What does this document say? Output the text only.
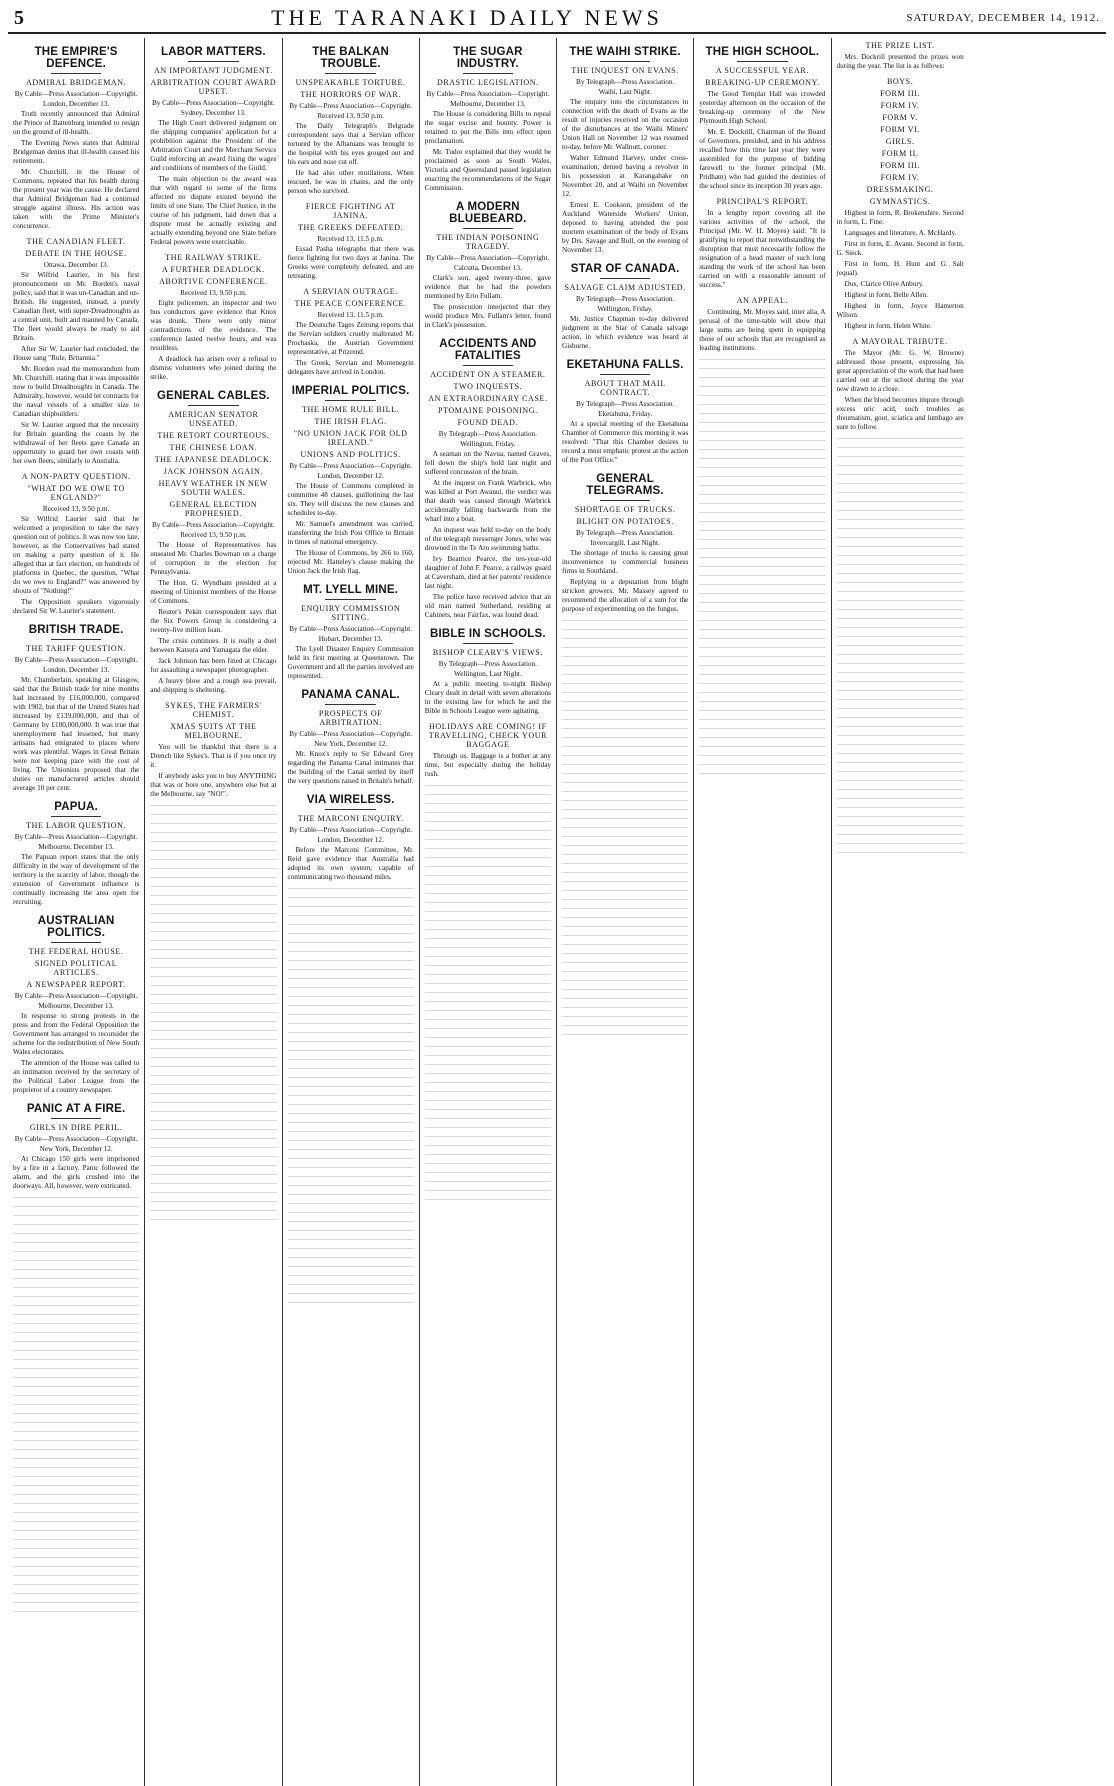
5	THE TARANAKI DAILY NEWS	SATURDAY, DECEMBER 14, 1912.
THE EMPIRE'S DEFENCE.
ADMIRAL BRIDGEMAN.
By Cable—Press Association—Copyright.
London, December 13.

Truth recently announced that Admiral the Prince of Battenburg intended to resign on the ground of ill-health.

The Evening News states that Admiral Bridgeman denies that ill-health caused his retirement.

Mr. Churchill, in the House of Commons, repeated that his health during the present year was the cause. He declared that Admiral Bridgeman had a continual struggle against illness. His action was taken with the Prime Minister's concurrence.

THE CANADIAN FLEET.
DEBATE IN THE HOUSE.
Ottawa, December 13.

Sir Wilfrid Laurier, in his first pronouncement on Mr. Borden's naval policy, said that it was un-Canadian and un-British. He suggested, instead, a purely Canadian fleet, with super-Dreadnoughts as a central unit, built and manned by Canada. The fleet would always be ready to aid Britain.

After Sir W. Laurier had concluded, the House sang "Rule, Britannia."

Mr. Borden read the memorandum from Mr. Churchill, stating that it was impossible now to build Dreadnoughts in Canada. The Admiralty, however, would let contracts for the naval vessels of a smaller size to Canadian shipbuilders.

Sir W. Laurier argued that the necessity for Britain guarding the coasts by the withdrawal of her fleets gave Canada an opportunity to guard her own coasts with her own fleets, similarly to Australia.

A NON-PARTY QUESTION.
"WHAT DO WE OWE TO ENGLAND?"
Received 13, 9.50 p.m.

Sir Wilfrid Laurier said that he welcomed a proposition to take the navy question out of politics. It was now too late, however, as the Conservatives had stated on making a party question of it. He alleged that at fact election, on hundreds of platforms in Quebec, the question, "What do we owe to England?" was answered by shouts of "Nothing!"

The Opposition speakers vigorously declared Sir W. Laurier's statement.

BRITISH TRADE.
THE TARIFF QUESTION.
By Cable—Press Association—Copyright.
London, December 13.

Mr. Chamberlain, speaking at Glasgow, said that the British trade for nine months had increased by £16,000,000, compared with 1902, but that of the United States had increased by £139,000,000, and that of Germany by £180,000,000. It was true that unemployment had lessened, but many artisans had emigrated to places where work was plentiful. Wages in Great Britain were not keeping pace with the cost of living. The Unionists proposed that the duties on manufactured articles should average 10 per cent.

PAPUA.
THE LABOR QUESTION.
By Cable—Press Association—Copyright.
Melbourne, December 13.

The Papuan report states that the only difficulty in the way of development of the territory is the scarcity of labor, though the extension of Government influence is continually increasing the area open for recruiting.

AUSTRALIAN POLITICS.
THE FEDERAL HOUSE.
SIGNED POLITICAL ARTICLES.
A NEWSPAPER REPORT.
By Cable—Press Association—Copyright.
Melbourne, December 13.

In response to strong protests in the press and from the Federal Opposition the Government has arranged to reconsider the scheme for the redistribution of New South Wales electorates.

The attention of the House was called to an intimation received by the secretary of the Political Labor League from the proprietor of a country newspaper.

PANIC AT A FIRE.
GIRLS IN DIRE PERIL.
By Cable—Press Association—Copyright.
New York, December 12.

At Chicago 150 girls were imprisoned by a fire in a factory. Panic followed the alarm, and the girls crushed into the doorways. All, however, were extricated.

LABOR MATTERS.
AN IMPORTANT JUDGMENT.
ARBITRATION COURT AWARD UPSET.
By Cable—Press Association—Copyright.
Sydney, December 13.

The High Court delivered judgment on the shipping companies' application for a prohibition against the President of the Arbitration Court and the Merchant Service Guild enforcing an award fixing the wages and conditions of members of the Guild.

The main objection to the award was that with regard to some of the firms affected no dispute existed beyond the limits of one State. The Chief Justice, in the course of his judgment, laid down that a dispute must be actually existing and actually extending beyond one State before Federal powers were exercisable.

THE RAILWAY STRIKE.
A FURTHER DEADLOCK.
ABORTIVE CONFERENCE.
Received 13, 9.50 p.m.

Eight policemen, an inspector and two bus conductors gave evidence that Knox was drunk. There were only minor contradictions of the evidence. The conference lasted twelve hours, and was resultless.

A deadlock has arisen over a refusal to dismiss volunteers who joined during the strike.

GENERAL CABLES.
AMERICAN SENATOR UNSEATED.
THE RETORT COURTEOUS.
THE CHINESE LOAN.
THE JAPANESE DEADLOCK.
JACK JOHNSON AGAIN.
HEAVY WEATHER IN NEW SOUTH WALES.
GENERAL ELECTION PROPHESIED.
By Cable—Press Association—Copyright.
Received 13, 9.50 p.m.

The House of Representatives has unseated Mr. Charles Bowman on a charge of corruption in the election for Pennsylvania.

The Hon. G. Wyndham presided at a meeting of Unionist members of the House of Commons.

Reuter's Pekin correspondent says that the Six Powers Group is considering a twenty-five million loan.

The crisis continues. It is really a duel between Katsura and Yamagata the elder.

Jack Johnson has been fined at Chicago for assaulting a newspaper photographer.

A heavy blow and a rough sea prevail, and shipping is sheltering.

SYKES, THE FARMERS' CHEMIST.
XMAS SUITS AT THE MELBOURNE.

You will be thankful that there is a Drench like Sykes's. That is if you once try it.

If anybody asks you to buy ANYTHING that was or bore one, anywhere else but at the Melbourne, say "NO!".

THE BALKAN TROUBLE.
UNSPEAKABLE TORTURE.
THE HORRORS OF WAR.
By Cable—Press Association—Copyright.
Received 13, 9.50 p.m.

The Daily Telegraph's Belgrade correspondent says that a Servian officer tortured by the Albanians was brought to the hospital with his eyes gouged out and his ears and nose cut off.

He had also other mutilations. When rescued, he was in chains, and the only person who survived.

FIERCE FIGHTING AT JANINA.
THE GREEKS DEFEATED.
Received 13, 11.5 p.m.

Essad Pasha telegraphs that there was fierce fighting for two days at Janina. The Greeks were completely defeated, and are retreating.

A SERVIAN OUTRAGE.
THE PEACE CONFERENCE.
Received 13, 11.5 p.m.

The Deutsche Tages Zeitung reports that the Servian soldiers cruelly maltreated M. Prochaska, the Austrian Government representative, at Prizrend.

The Greek, Servian and Montenegrin delegates have arrived in London.

IMPERIAL POLITICS.
THE HOME RULE BILL.
THE IRISH FLAG.
"NO UNION JACK FOR OLD IRELAND."
UNIONS AND POLITICS.
By Cable—Press Association—Copyright.
London, December 12.

The House of Commons completed in committee 48 clauses, guillotining the last six. They will discuss the new clauses and schedules to-day.

Mr. Samuel's amendment was carried, transferring the Irish Post Office to Britain in times of national emergency.

The House of Commons, by 266 to 160, rejected Mr. Hatteley's clause making the Union Jack the Irish flag.

MT. LYELL MINE.
ENQUIRY COMMISSION SITTING.
By Cable—Press Association—Copyright.
Hobart, December 13.

The Lyell Disaster Enquiry Commission held its first meeting at Queenstown. The Government and all the parties involved are represented.

PANAMA CANAL.
PROSPECTS OF ARBITRATION.
By Cable—Press Association—Copyright.
New York, December 12.

Mr. Knox's reply to Sir Edward Grey regarding the Panama Canal intimates that the building of the Canal settled by itself the very questions raised in Britain's behalf.

VIA WIRELESS.
THE MARCONI ENQUIRY.
By Cable—Press Association—Copyright.
London, December 12.

Before the Marconi Committee, Mr. Reid gave evidence that Australia had adopted its own system, capable of communicating two thousand miles.

THE SUGAR INDUSTRY.
DRASTIC LEGISLATION.
By Cable—Press Association—Copyright.
Melbourne, December 13.

The House is considering Bills to repeal the sugar excise and bounty. Power is retained to put the Bills into effect upon proclamation.

Mr. Tudor explained that they would be proclaimed as soon as South Wales, Victoria and Queensland passed legislation enacting the recommendations of the Sugar Commission.

A MODERN BLUEBEARD.
THE INDIAN POISONING TRAGEDY.
By Cable—Press Association—Copyright.
Calcutta, December 13.

Clark's son, aged twenty-three, gave evidence that he had the powders mentioned by Erio Fullam.

The prosecution interjected that they would produce Mrs. Fullam's letter, found in Clark's possession.

ACCIDENTS AND FATALITIES
ACCIDENT ON A STEAMER.
TWO INQUESTS.
AN EXTRAORDINARY CASE.
PTOMAINE POISONING.
FOUND DEAD.
By Telegraph—Press Association.
Wellington, Friday.

A seaman on the Navua, named Graves, fell down the ship's hold last night and suffered concussion of the brain.

At the inquest on Frank Warbrick, who was killed at Port Awanui, the verdict was that death was caused through Warbrick accidentally falling backwards from the wharf into a boat.

An inquest was held to-day on the body of the telegraph messenger Jones, who was drowned in the Te Aro swimming baths.

Ivy Beatrice Pearce, the ten-year-old daughter of John F. Pearce, a railway guard at Caversham, died at her parents' residence last night.

The police have received advice that an old man named Sutherland, residing at Cabinets, near Fairfax, was found dead.

BIBLE IN SCHOOLS.
BISHOP CLEARY'S VIEWS.
By Telegraph—Press Association.
Wellington, Last Night.

At a public meeting to-night Bishop Cleary dealt in detail with seven alterations in the existing law for which he and the Bible in Schools League were agitating.

HOLIDAYS ARE COMING! IF TRAVELLING, CHECK YOUR BAGGAGE

Through us. Baggage is a bother at any time, but especially during the holiday rush.

THE WAIHI STRIKE.
THE INQUEST ON EVANS.
By Telegraph—Press Association.
Waihi, Last Night.

The enquiry into the circumstances in connection with the death of Evans as the result of injuries received on the occasion of the disturbances at the Waihi Miners' Union Hall on November 12 was resumed to-day, before Mr. Wallnutt, coroner.

Walter Edmund Harvey, under cross-examination, denied having a revolver in his possession at Karangahake on November 20, and at Waihi on November 12.

Ernest E. Cookson, president of the Auckland Waterside Workers' Union, deposed to having attended the post mortem examination of the body of Evans by Drs. Savage and Bull, on the evening of November 13.

STAR OF CANADA.
SALVAGE CLAIM ADJUSTED.
By Telegraph—Press Association.
Wellington, Friday.

Mr. Justice Chapman to-day delivered judgment in the Star of Canada salvage action, in which evidence was heard at Gisborne.

EKETAHUNA FALLS.
ABOUT THAT MAIL CONTRACT.
By Telegraph—Press Association.
Eketahuna, Friday.

At a special meeting of the Eketahuna Chamber of Commerce this morning it was resolved: "That this Chamber desires to record a most emphatic protest at the action of the Post Office."

GENERAL TELEGRAMS.
SHORTAGE OF TRUCKS.
BLIGHT ON POTATOES.
By Telegraph—Press Association.
Invercargill, Last Night.

The shortage of trucks is causing great inconvenience to commercial business firms in Southland.

Replying to a deputation from blight stricken growers, Mr. Massey agreed to recommend the allocation of a sum for the purpose of experimenting on the fungus.

THE HIGH SCHOOL.
A SUCCESSFUL YEAR.
BREAKING-UP CEREMONY.

The Good Templar Hall was crowded yesterday afternoon on the occasion of the breaking-up ceremony of the New Plymouth High School.

Mr. E. Dockrill, Chairman of the Board of Governors, presided, and in his address recalled how this time last year they were assembled for the purpose of bidding farewell to the former principal (Mr. Pridham) who had guided the destinies of the school since its inception 30 years ago.

PRINCIPAL'S REPORT.

In a lengthy report covering all the various activities of the school, the Principal (Mr. W. H. Moyes) said: "It is gratifying to report that notwithstanding the disruption that must necessarily follow the resignation of a head master of such long standing the work of the school has been carried on with a reasonable amount of success."

AN APPEAL.

Continuing, Mr. Moyes said, inter alia, A perusal of the time-table will show that large sums are being spent in equipping those of our schools that are recognised as leading institutions.

THE PRIZE LIST.

Mrs. Dockrill presented the prizes won during the year. The list is as follows:

BOYS.
FORM III.
FORM IV.
FORM V.
FORM VI.
GIRLS.
FORM II.
FORM III.
FORM IV.
DRESSMAKING.
GYMNASTICS.

Highest in form, R. Brokenshire. Second in form, L. Fine.

Languages and literature, A. McHardy.

First in form, E. Avann. Second in form, G. Steck.

First in form, H. Hunt and G. Salt (equal).

Dux, Clarice Olive Anbury.

Highest in form, Belle Allen.

Highest in form, Joyce Hamerton Wilson.

Highest in form, Helen White.

A MAYORAL TRIBUTE.

The Mayor (Mr. G. W. Browne) addressed those present, expressing his great appreciation of the work that had been carried out at the school during the year now drawn to a close.

When the blood becomes impure through excess uric acid, such troubles as rheumatism, gout, sciatica and lumbago are sure to follow.
